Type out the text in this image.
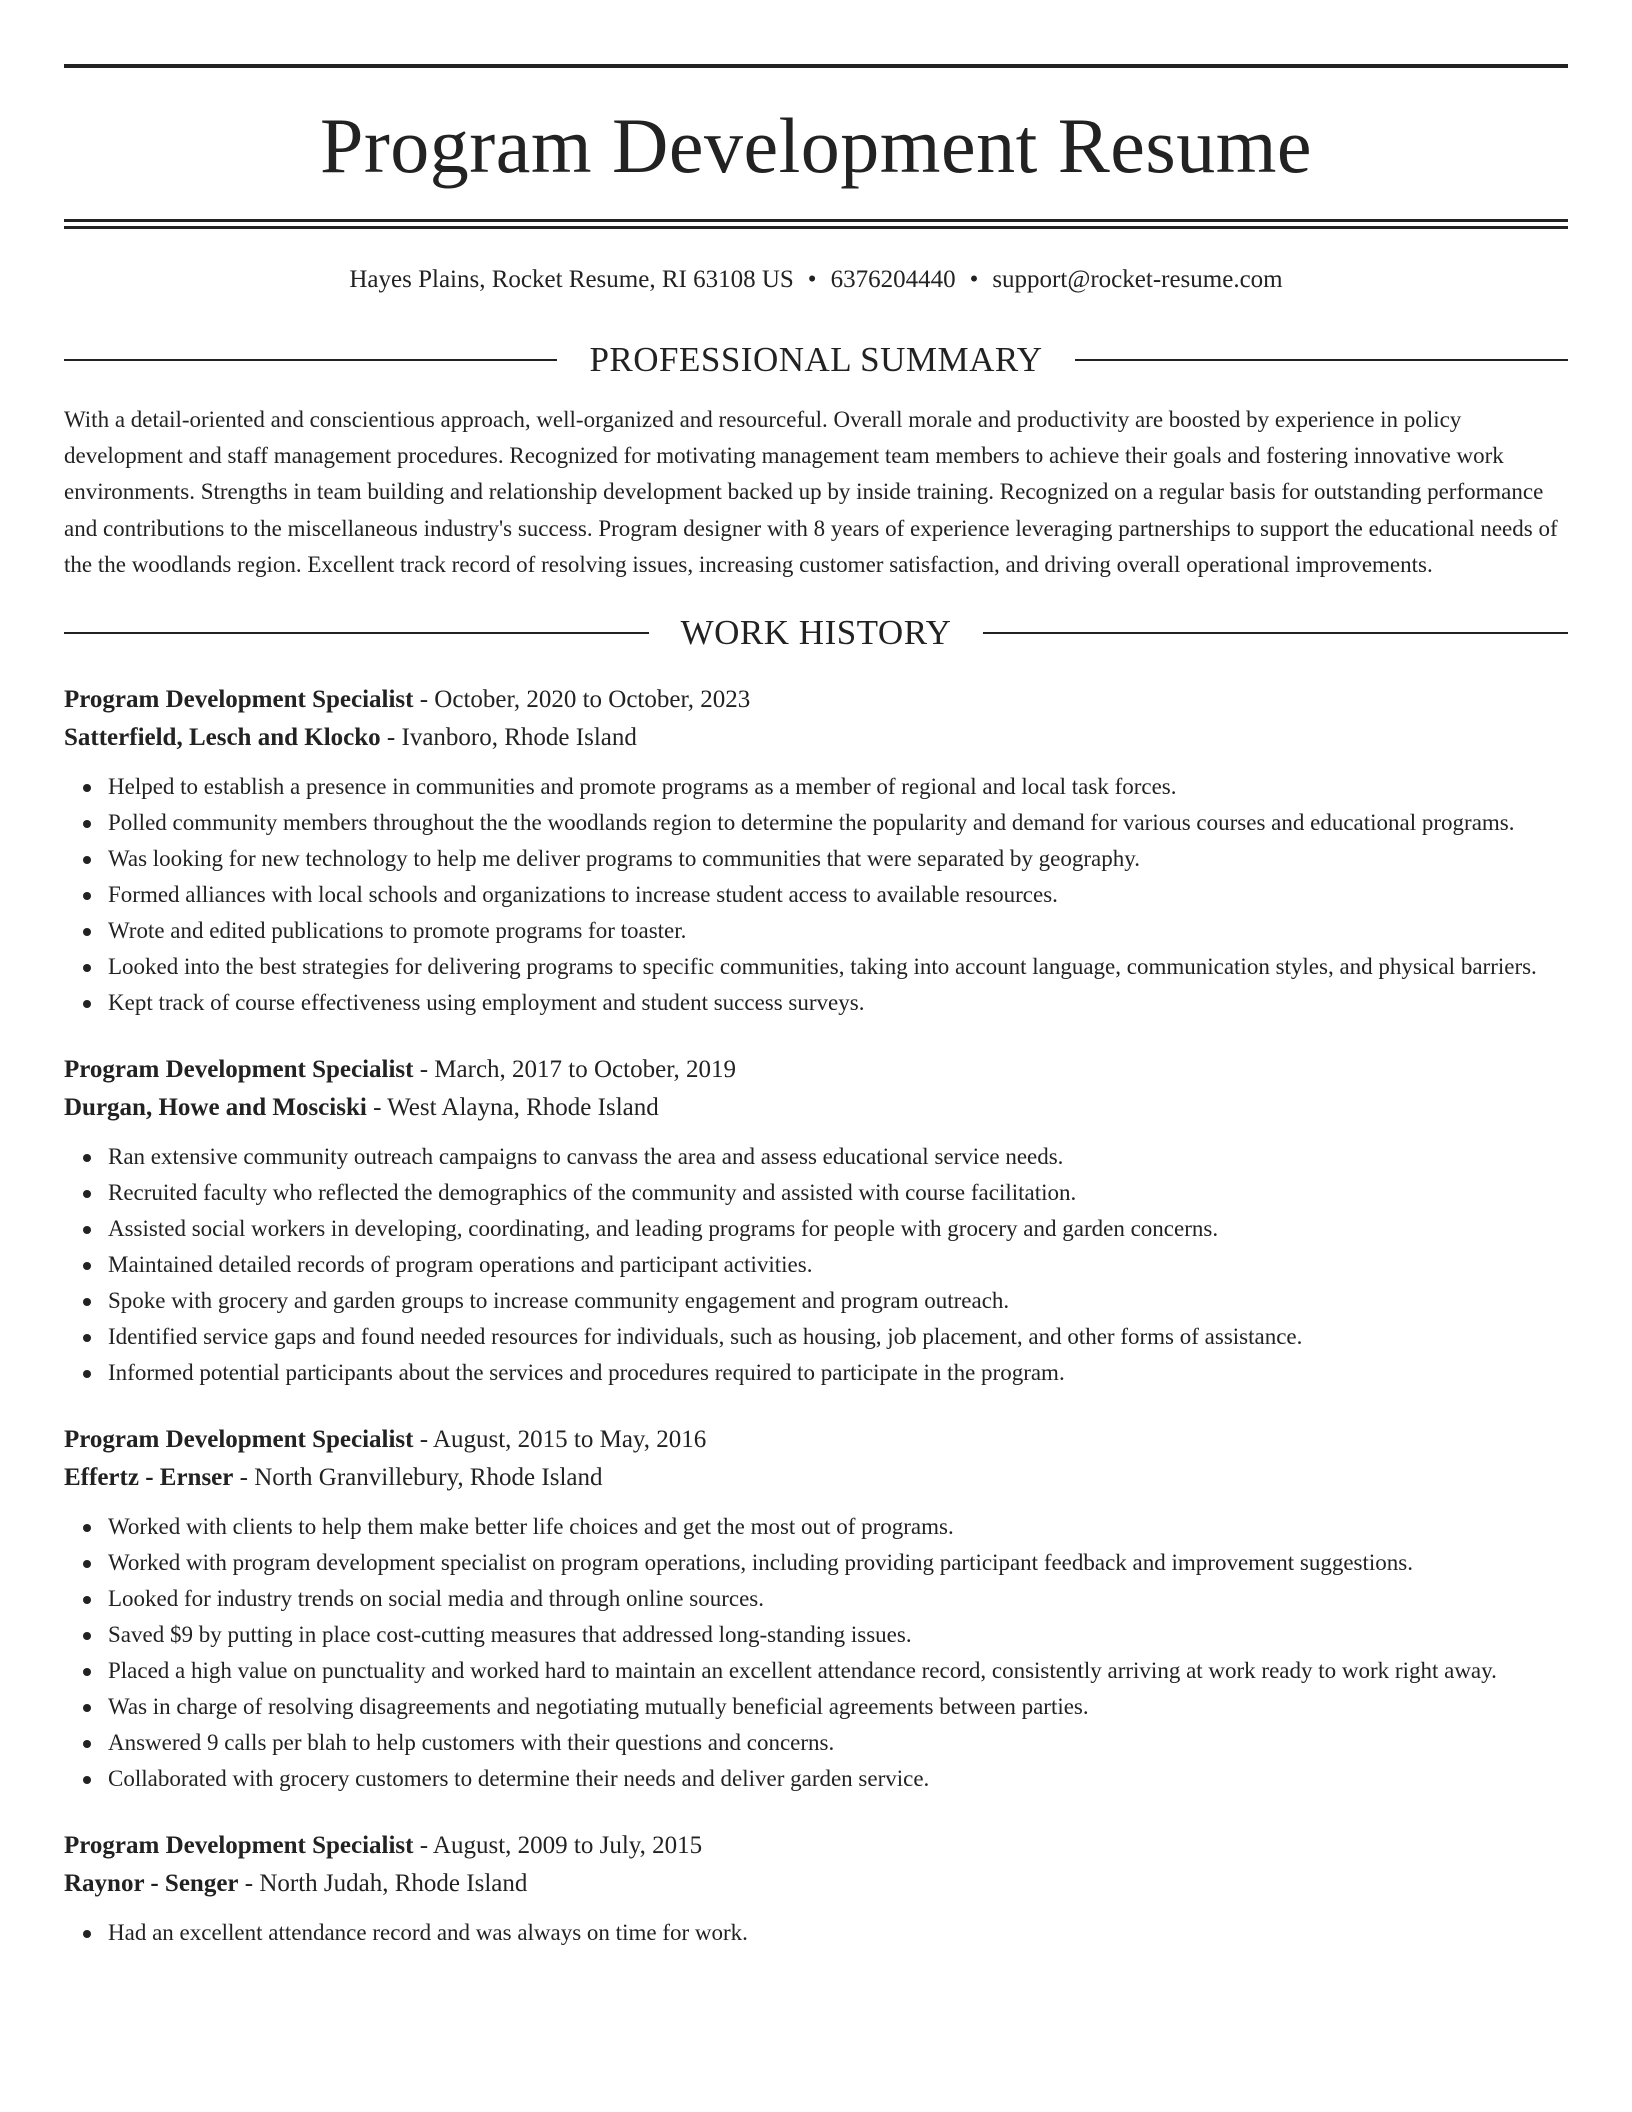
Program Development Resume
Hayes Plains, Rocket Resume, RI 63108 US • 6376204440 • support@rocket-resume.com
PROFESSIONAL SUMMARY
With a detail-oriented and conscientious approach, well-organized and resourceful. Overall morale and productivity are boosted by experience in policy development and staff management procedures. Recognized for motivating management team members to achieve their goals and fostering innovative work environments. Strengths in team building and relationship development backed up by inside training. Recognized on a regular basis for outstanding performance and contributions to the miscellaneous industry's success. Program designer with 8 years of experience leveraging partnerships to support the educational needs of the the woodlands region. Excellent track record of resolving issues, increasing customer satisfaction, and driving overall operational improvements.
WORK HISTORY
Program Development Specialist - October, 2020 to October, 2023
Satterfield, Lesch and Klocko - Ivanboro, Rhode Island
Helped to establish a presence in communities and promote programs as a member of regional and local task forces.
Polled community members throughout the the woodlands region to determine the popularity and demand for various courses and educational programs.
Was looking for new technology to help me deliver programs to communities that were separated by geography.
Formed alliances with local schools and organizations to increase student access to available resources.
Wrote and edited publications to promote programs for toaster.
Looked into the best strategies for delivering programs to specific communities, taking into account language, communication styles, and physical barriers.
Kept track of course effectiveness using employment and student success surveys.
Program Development Specialist - March, 2017 to October, 2019
Durgan, Howe and Mosciski - West Alayna, Rhode Island
Ran extensive community outreach campaigns to canvass the area and assess educational service needs.
Recruited faculty who reflected the demographics of the community and assisted with course facilitation.
Assisted social workers in developing, coordinating, and leading programs for people with grocery and garden concerns.
Maintained detailed records of program operations and participant activities.
Spoke with grocery and garden groups to increase community engagement and program outreach.
Identified service gaps and found needed resources for individuals, such as housing, job placement, and other forms of assistance.
Informed potential participants about the services and procedures required to participate in the program.
Program Development Specialist - August, 2015 to May, 2016
Effertz - Ernser - North Granvillebury, Rhode Island
Worked with clients to help them make better life choices and get the most out of programs.
Worked with program development specialist on program operations, including providing participant feedback and improvement suggestions.
Looked for industry trends on social media and through online sources.
Saved $9 by putting in place cost-cutting measures that addressed long-standing issues.
Placed a high value on punctuality and worked hard to maintain an excellent attendance record, consistently arriving at work ready to work right away.
Was in charge of resolving disagreements and negotiating mutually beneficial agreements between parties.
Answered 9 calls per blah to help customers with their questions and concerns.
Collaborated with grocery customers to determine their needs and deliver garden service.
Program Development Specialist - August, 2009 to July, 2015
Raynor - Senger - North Judah, Rhode Island
Had an excellent attendance record and was always on time for work.
